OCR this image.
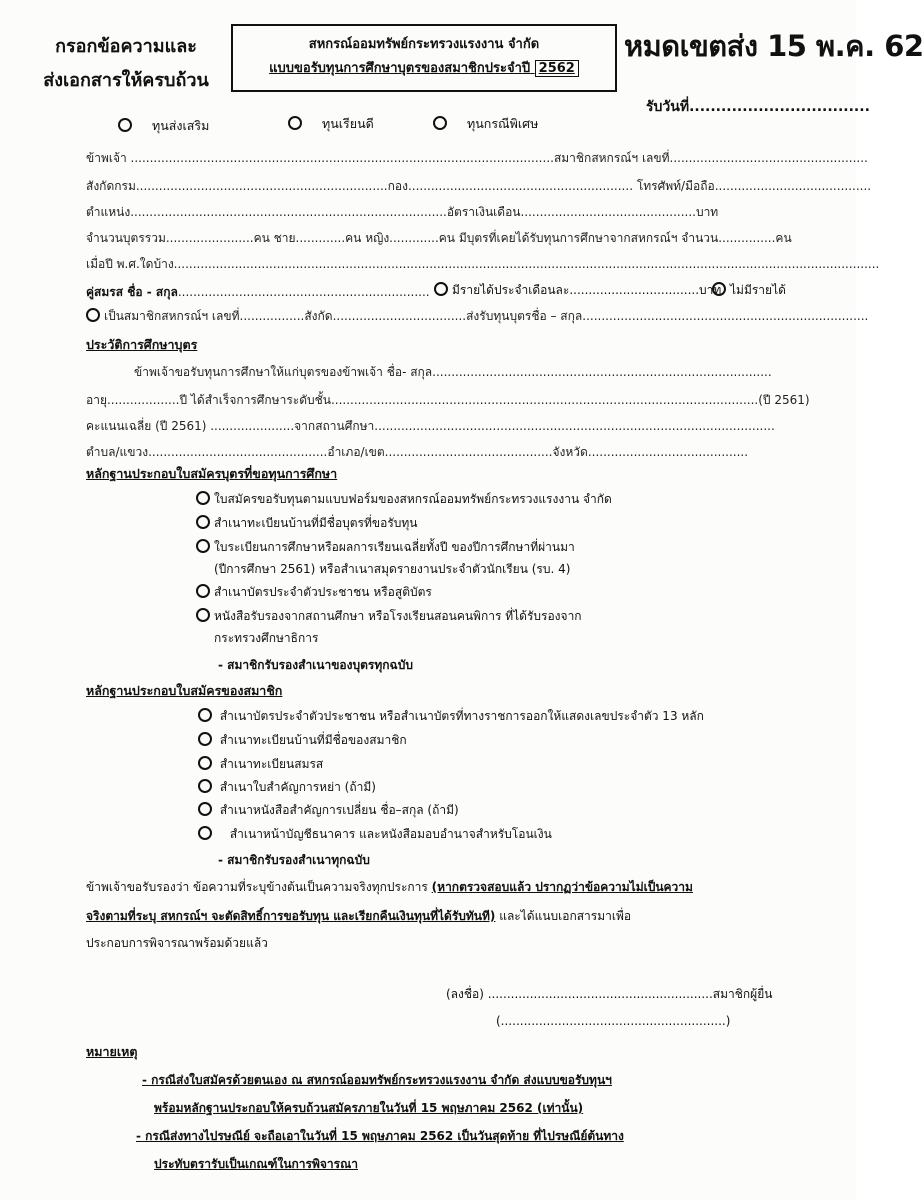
กรอกข้อความและ
ส่งเอกสารให้ครบถ้วน
สหกรณ์ออมทรัพย์กระทรวงแรงงาน จำกัด
แบบขอรับทุนการศึกษาบุตรของสมาชิกประจำปี 2562
หมดเขตส่ง 15 พ.ค. 62
รับวันที่..................................
ทุนส่งเสริม	ทุนเรียนดี	ทุนกรณีพิเศษ
ข้าพเจ้า ...............................................................................................................สมาชิกสหกรณ์ฯ เลขที่....................................................
สังกัดกรม..................................................................กอง........................................................... โทรศัพท์/มือถือ.........................................
ตำแหน่ง...................................................................................อัตราเงินเดือน..............................................บาท
จำนวนบุตรรวม.......................คน ชาย.............คน หญิง.............คน มีบุตรที่เคยได้รับทุนการศึกษาจากสหกรณ์ฯ จำนวน...............คน
เมื่อปี พ.ศ.ใดบ้าง.........................................................................................................................................................................................
คู่สมรส ชื่อ - สกุล..................................................................	มีรายได้ประจำเดือนละ..................................บาท ไม่มีรายได้
เป็นสมาชิกสหกรณ์ฯ เลขที่.................สังกัด...................................ส่งรับทุนบุตรชื่อ – สกุล...........................................................................
ประวัติการศึกษาบุตร
ข้าพเจ้าขอรับทุนการศึกษาให้แก่บุตรของข้าพเจ้า ชื่อ- สกุล.........................................................................................
อายุ...................ปี ได้สำเร็จการศึกษาระดับชั้น................................................................................................................(ปี 2561)
คะแนนเฉลี่ย (ปี 2561) ......................จากสถานศึกษา.........................................................................................................
ตำบล/แขวง...............................................อำเภอ/เขต............................................จังหวัด..........................................
หลักฐานประกอบใบสมัครบุตรที่ขอทุนการศึกษา
ใบสมัครขอรับทุนตามแบบฟอร์มของสหกรณ์ออมทรัพย์กระทรวงแรงงาน จำกัด
สำเนาทะเบียนบ้านที่มีชื่อบุตรที่ขอรับทุน
ใบระเบียนการศึกษาหรือผลการเรียนเฉลี่ยทั้งปี ของปีการศึกษาที่ผ่านมา
(ปีการศึกษา 2561) หรือสำเนาสมุดรายงานประจำตัวนักเรียน (รบ. 4)
สำเนาบัตรประจำตัวประชาชน หรือสูติบัตร
หนังสือรับรองจากสถานศึกษา หรือโรงเรียนสอนคนพิการ ที่ได้รับรองจาก
กระทรวงศึกษาธิการ
- สมาชิกรับรองสำเนาของบุตรทุกฉบับ
หลักฐานประกอบใบสมัครของสมาชิก
สำเนาบัตรประจำตัวประชาชน หรือสำเนาบัตรที่ทางราชการออกให้แสดงเลขประจำตัว 13 หลัก
สำเนาทะเบียนบ้านที่มีชื่อของสมาชิก
สำเนาทะเบียนสมรส
สำเนาใบสำคัญการหย่า (ถ้ามี)
สำเนาหนังสือสำคัญการเปลี่ยน ชื่อ–สกุล (ถ้ามี)
สำเนาหน้าบัญชีธนาคาร และหนังสือมอบอำนาจสำหรับโอนเงิน
- สมาชิกรับรองสำเนาทุกฉบับ
ข้าพเจ้าขอรับรองว่า ข้อความที่ระบุข้างต้นเป็นความจริงทุกประการ (หากตรวจสอบแล้ว ปรากฏว่าข้อความไม่เป็นความ
จริงตามที่ระบุ สหกรณ์ฯ จะตัดสิทธิ์การขอรับทุน และเรียกคืนเงินทุนที่ได้รับทันที) และได้แนบเอกสารมาเพื่อ
ประกอบการพิจารณาพร้อมด้วยแล้ว
(ลงชื่อ) ...........................................................สมาชิกผู้ยื่น
(...........................................................)
หมายเหตุ
- กรณีส่งใบสมัครด้วยตนเอง ณ สหกรณ์ออมทรัพย์กระทรวงแรงงาน จำกัด ส่งแบบขอรับทุนฯ
พร้อมหลักฐานประกอบให้ครบถ้วนสมัครภายในวันที่ 15 พฤษภาคม 2562 (เท่านั้น)
- กรณีส่งทางไปรษณีย์ จะถือเอาในวันที่ 15 พฤษภาคม 2562 เป็นวันสุดท้าย ที่ไปรษณีย์ต้นทาง
ประทับตรารับเป็นเกณฑ์ในการพิจารณา
